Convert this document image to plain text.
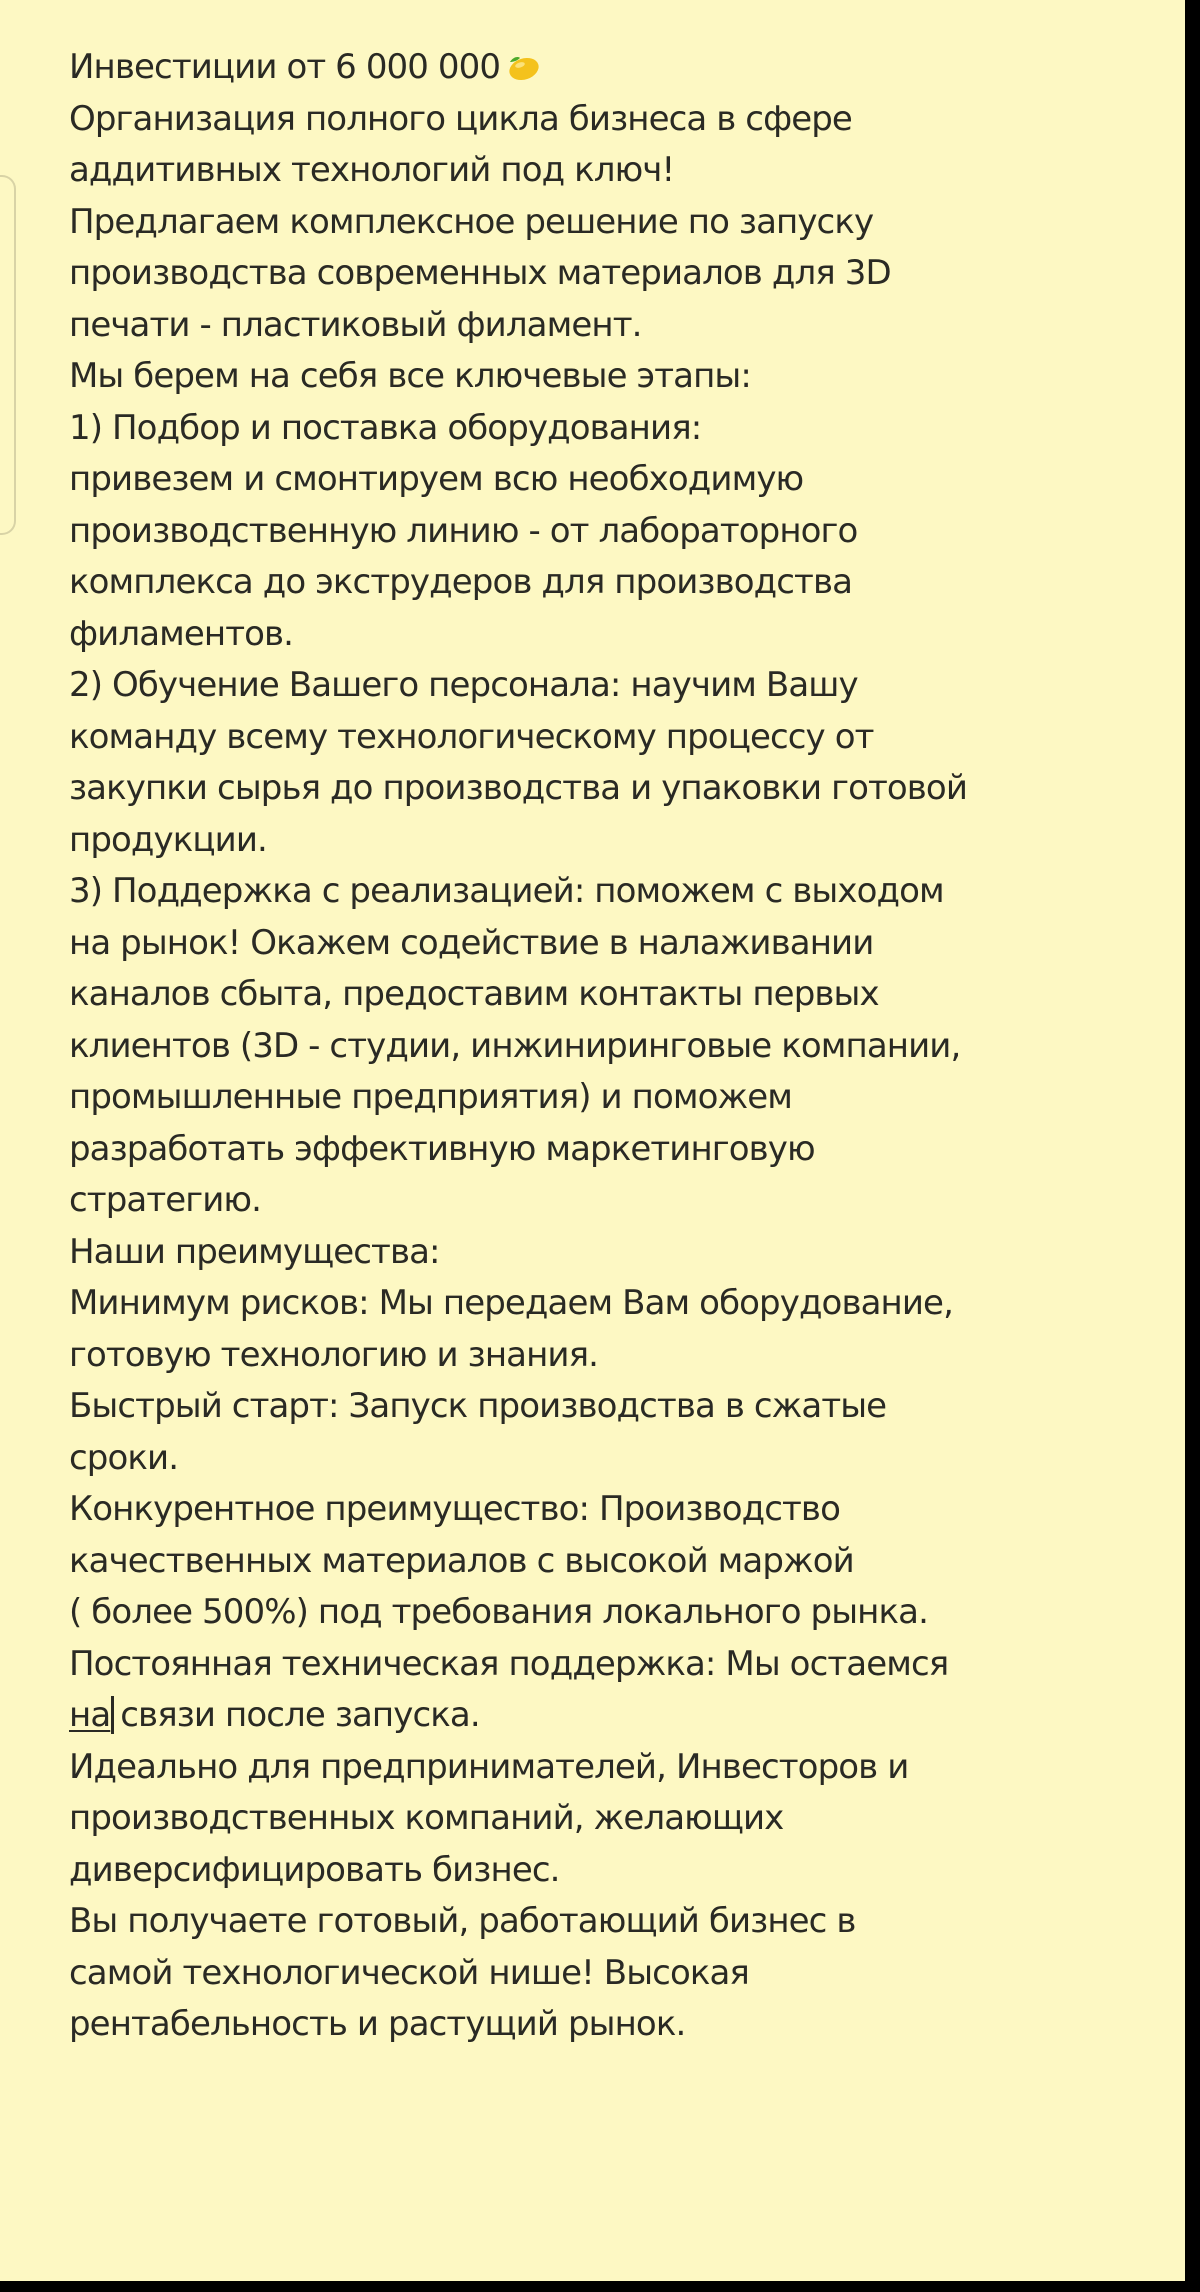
Инвестиции от 6 000 000
Организация полного цикла бизнеса в сфере
аддитивных технологий под ключ!
Предлагаем комплексное решение по запуску
производства современных материалов для 3D
печати - пластиковый филамент.
Мы берем на себя все ключевые этапы:
1) Подбор и поставка оборудования:
привезем и смонтируем всю необходимую
производственную линию - от лабораторного
комплекса до экструдеров для производства
филаментов.
2) Обучение Вашего персонала: научим Вашу
команду всему технологическому процессу от
закупки сырья до производства и упаковки готовой
продукции.
3) Поддержка с реализацией: поможем с выходом
на рынок! Окажем содействие в налаживании
каналов сбыта, предоставим контакты первых
клиентов (3D - студии, инжиниринговые компании,
промышленные предприятия) и поможем
разработать эффективную маркетинговую
стратегию.
Наши преимущества:
Минимум рисков: Мы передаем Вам оборудование,
готовую технологию и знания.
Быстрый старт: Запуск производства в сжатые
сроки.
Конкурентное преимущество: Производство
качественных материалов с высокой маржой
( более 500%) под требования локального рынка.
Постоянная техническая поддержка: Мы остаемся
на связи после запуска.
Идеально для предпринимателей, Инвесторов и
производственных компаний, желающих
диверсифицировать бизнес.
Вы получаете готовый, работающий бизнес в
самой технологической нише! Высокая
рентабельность и растущий рынок.
